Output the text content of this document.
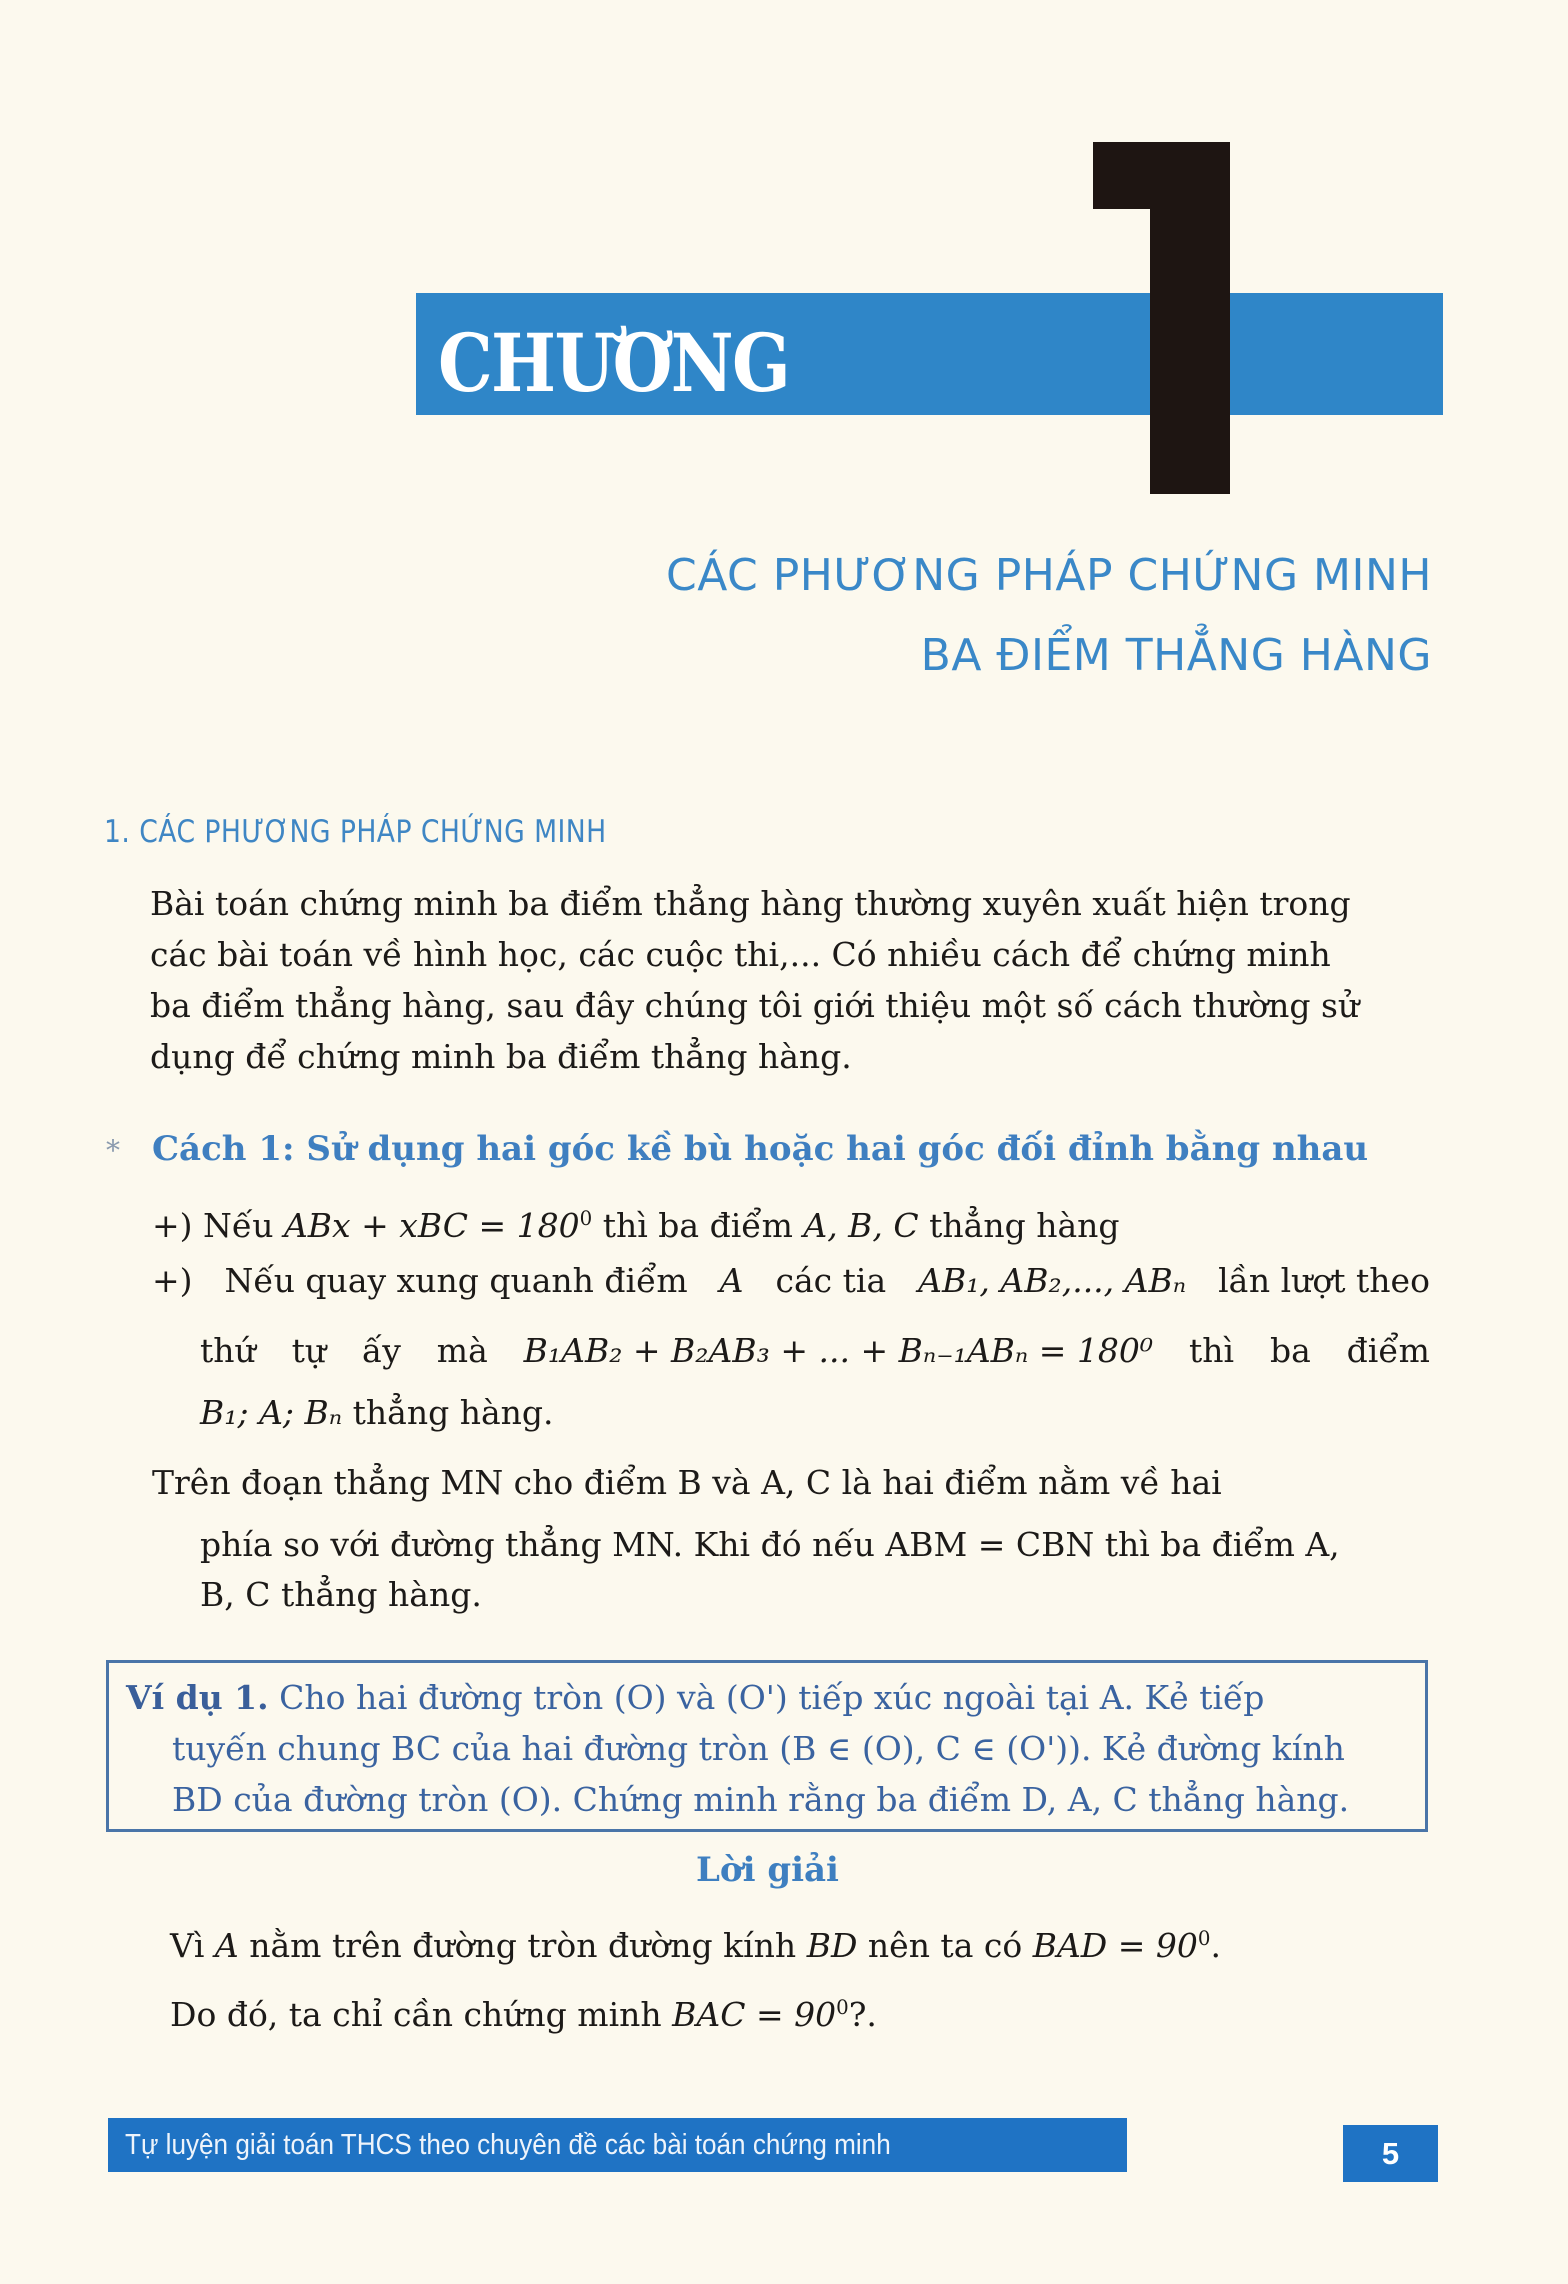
CHƯƠNG
CÁC PHƯƠNG PHÁP CHỨNG MINH
BA ĐIỂM THẲNG HÀNG
1. CÁC PHƯƠNG PHÁP CHỨNG MINH
Bài toán chứng minh ba điểm thẳng hàng thường xuyên xuất hiện trong
các bài toán về hình học, các cuộc thi,... Có nhiều cách để chứng minh
ba điểm thẳng hàng, sau đây chúng tôi giới thiệu một số cách thường sử
dụng để chứng minh ba điểm thẳng hàng.
* Cách 1: Sử dụng hai góc kề bù hoặc hai góc đối đỉnh bằng nhau
+) Nếu ABx + xBC = $180^0$ thì ba điểm A, B, C thẳng hàng
+) Nếu quay xung quanh điểm A các tia AB₁, AB₂,..., ABₙ lần lượt theo
thứ tự ấy mà B₁AB₂ + B₂AB₃ + ... + Bₙ₋₁ABₙ = 180⁰ thì ba điểm
B₁; A; Bₙ thẳng hàng.
Trên đoạn thẳng MN cho điểm B và A, C là hai điểm nằm về hai
phía so với đường thẳng MN. Khi đó nếu ABM = CBN thì ba điểm A,
B, C thẳng hàng.
Ví dụ 1. Cho hai đường tròn (O) và (O') tiếp xúc ngoài tại A. Kẻ tiếp
tuyến chung BC của hai đường tròn (B ∈ (O), C ∈ (O')). Kẻ đường kính
BD của đường tròn (O). Chứng minh rằng ba điểm D, A, C thẳng hàng.
Lời giải
Vì A nằm trên đường tròn đường kính BD nên ta có BAD = $90^0$.
Do đó, ta chỉ cần chứng minh BAC = $90^0$?.
Tự luyện giải toán THCS theo chuyên đề các bài toán chứng minh	5
